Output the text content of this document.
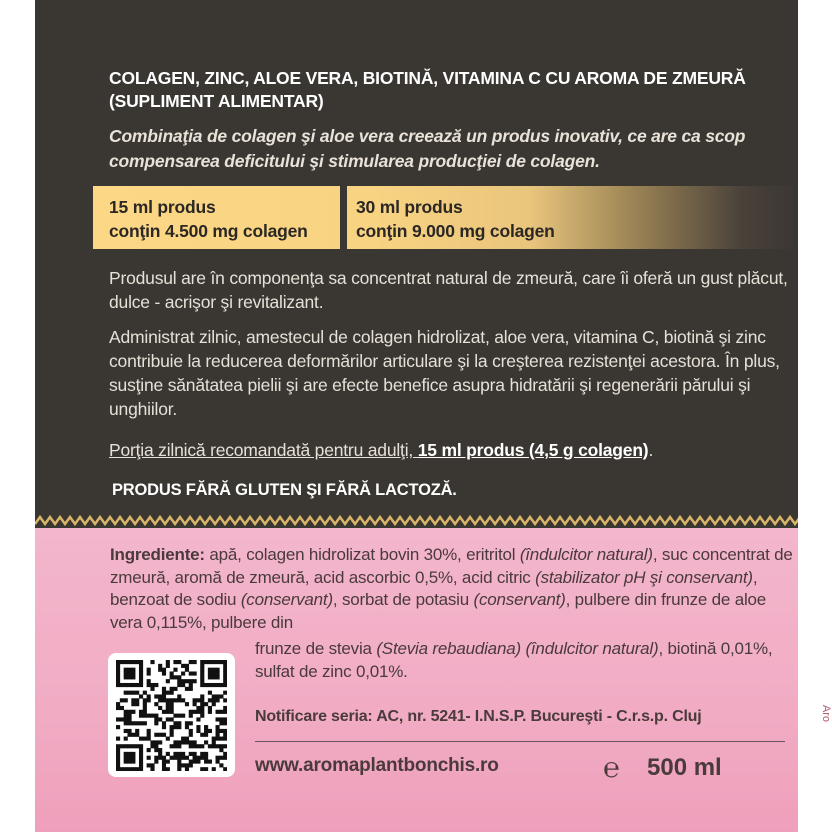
COLAGEN, ZINC, ALOE VERA, BIOTINĂ, VITAMINA C CU AROMA DE ZMEURĂ (SUPLIMENT ALIMENTAR)
Combinaţia de colagen şi aloe vera creează un produs inovativ, ce are ca scop compensarea deficitului şi stimularea producţiei de colagen.
15 ml produs
conţin 4.500 mg colagen
30 ml produs
conţin 9.000 mg colagen
Produsul are în componenţa sa concentrat natural de zmeură, care îi oferă un gust plăcut, dulce - acrişor şi revitalizant.
Administrat zilnic, amestecul de colagen hidrolizat, aloe vera, vitamina C, biotină şi zinc contribuie la reducerea deformărilor articulare şi la creşterea rezistenţei acestora. În plus, susţine sănătatea pielii şi are efecte benefice asupra hidratării şi regenerării părului şi unghiilor.
Porţia zilnică recomandată pentru adulţi, 15 ml produs (4,5 g colagen).
PRODUS FĂRĂ GLUTEN ŞI FĂRĂ LACTOZĂ.
Ingrediente: apă, colagen hidrolizat bovin 30%, eritritol (îndulcitor natural), suc concentrat de zmeură, aromă de zmeură, acid ascorbic 0,5%, acid citric (stabilizator pH şi conservant), benzoat de sodiu (conservant), sorbat de potasiu (conservant), pulbere din frunze de aloe vera 0,115%, pulbere din
frunze de stevia (Stevia rebaudiana) (îndulcitor natural), biotină 0,01%, sulfat de zinc 0,01%.
Notificare seria: AC, nr. 5241- I.N.S.P. Bucureşti - C.r.s.p. Cluj
www.aromaplantbonchis.ro	℮ 500 ml
Aro
